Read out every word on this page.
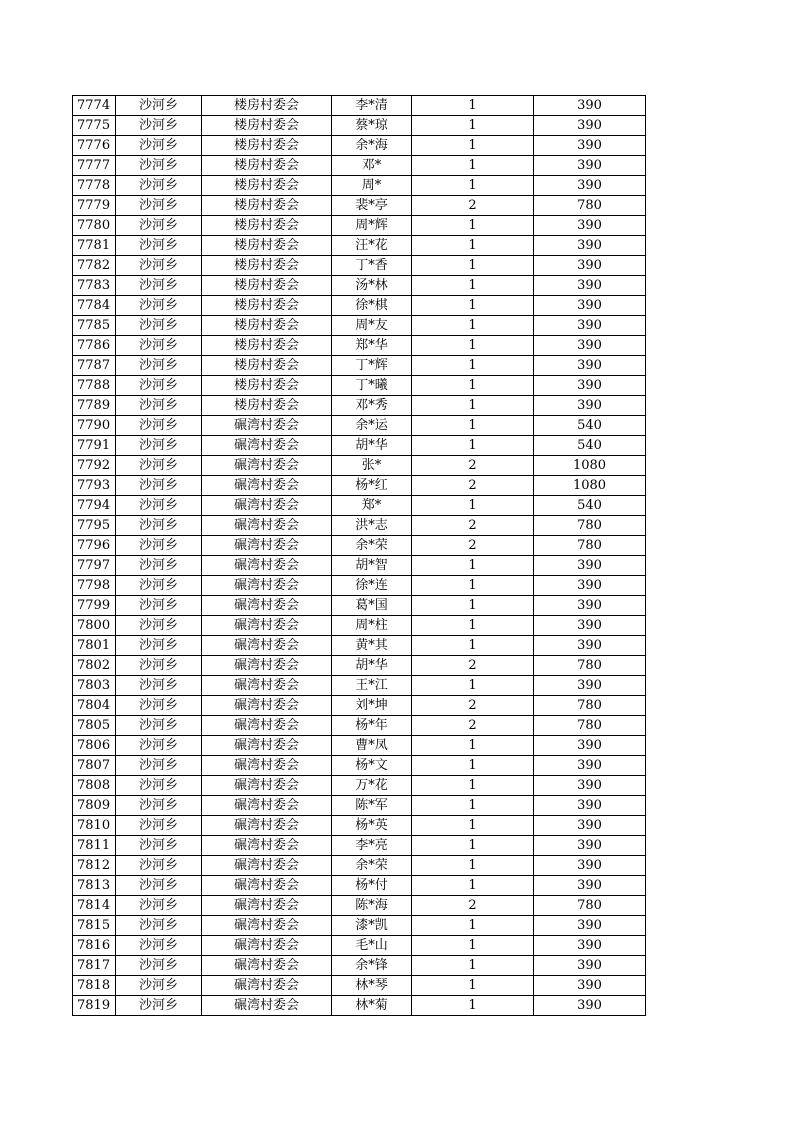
7774	沙河乡	楼房村委会	李*清	1	390
7775	沙河乡	楼房村委会	蔡*琼	1	390
7776	沙河乡	楼房村委会	余*海	1	390
7777	沙河乡	楼房村委会	邓*	1	390
7778	沙河乡	楼房村委会	周*	1	390
7779	沙河乡	楼房村委会	裴*亭	2	780
7780	沙河乡	楼房村委会	周*辉	1	390
7781	沙河乡	楼房村委会	汪*花	1	390
7782	沙河乡	楼房村委会	丁*香	1	390
7783	沙河乡	楼房村委会	汤*林	1	390
7784	沙河乡	楼房村委会	徐*棋	1	390
7785	沙河乡	楼房村委会	周*友	1	390
7786	沙河乡	楼房村委会	郑*华	1	390
7787	沙河乡	楼房村委会	丁*辉	1	390
7788	沙河乡	楼房村委会	丁*曦	1	390
7789	沙河乡	楼房村委会	邓*秀	1	390
7790	沙河乡	碾湾村委会	余*运	1	540
7791	沙河乡	碾湾村委会	胡*华	1	540
7792	沙河乡	碾湾村委会	张*	2	1080
7793	沙河乡	碾湾村委会	杨*红	2	1080
7794	沙河乡	碾湾村委会	郑*	1	540
7795	沙河乡	碾湾村委会	洪*志	2	780
7796	沙河乡	碾湾村委会	余*荣	2	780
7797	沙河乡	碾湾村委会	胡*智	1	390
7798	沙河乡	碾湾村委会	徐*连	1	390
7799	沙河乡	碾湾村委会	葛*国	1	390
7800	沙河乡	碾湾村委会	周*柱	1	390
7801	沙河乡	碾湾村委会	黄*其	1	390
7802	沙河乡	碾湾村委会	胡*华	2	780
7803	沙河乡	碾湾村委会	王*江	1	390
7804	沙河乡	碾湾村委会	刘*坤	2	780
7805	沙河乡	碾湾村委会	杨*年	2	780
7806	沙河乡	碾湾村委会	曹*凤	1	390
7807	沙河乡	碾湾村委会	杨*文	1	390
7808	沙河乡	碾湾村委会	万*花	1	390
7809	沙河乡	碾湾村委会	陈*军	1	390
7810	沙河乡	碾湾村委会	杨*英	1	390
7811	沙河乡	碾湾村委会	李*亮	1	390
7812	沙河乡	碾湾村委会	余*荣	1	390
7813	沙河乡	碾湾村委会	杨*付	1	390
7814	沙河乡	碾湾村委会	陈*海	2	780
7815	沙河乡	碾湾村委会	漆*凯	1	390
7816	沙河乡	碾湾村委会	毛*山	1	390
7817	沙河乡	碾湾村委会	余*锋	1	390
7818	沙河乡	碾湾村委会	林*琴	1	390
7819	沙河乡	碾湾村委会	林*菊	1	390
